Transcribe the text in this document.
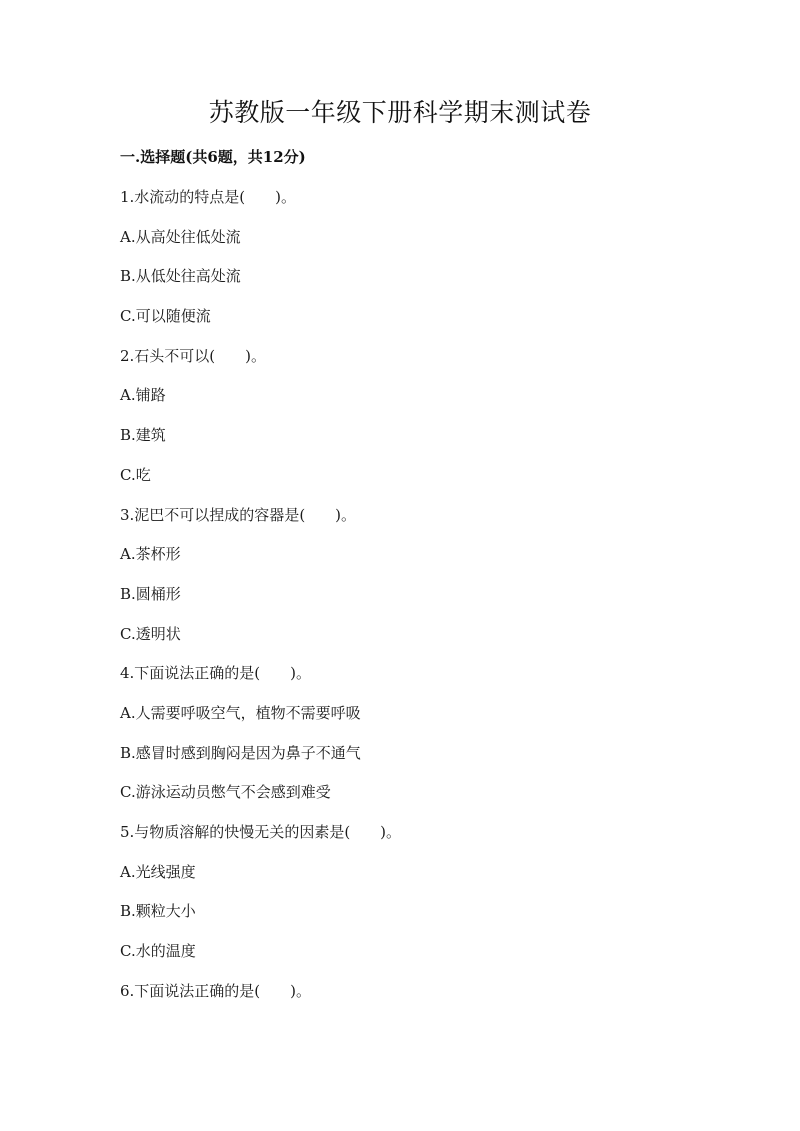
苏教版一年级下册科学期末测试卷
一.选择题(共6题，共12分)
1.水流动的特点是(　　)。
A.从高处往低处流
B.从低处往高处流
C.可以随便流
2.石头不可以(　　)。
A.铺路
B.建筑
C.吃
3.泥巴不可以捏成的容器是(　　)。
A.茶杯形
B.圆桶形
C.透明状
4.下面说法正确的是(　　)。
A.人需要呼吸空气，植物不需要呼吸
B.感冒时感到胸闷是因为鼻子不通气
C.游泳运动员憋气不会感到难受
5.与物质溶解的快慢无关的因素是(　　)。
A.光线强度
B.颗粒大小
C.水的温度
6.下面说法正确的是(　　)。
